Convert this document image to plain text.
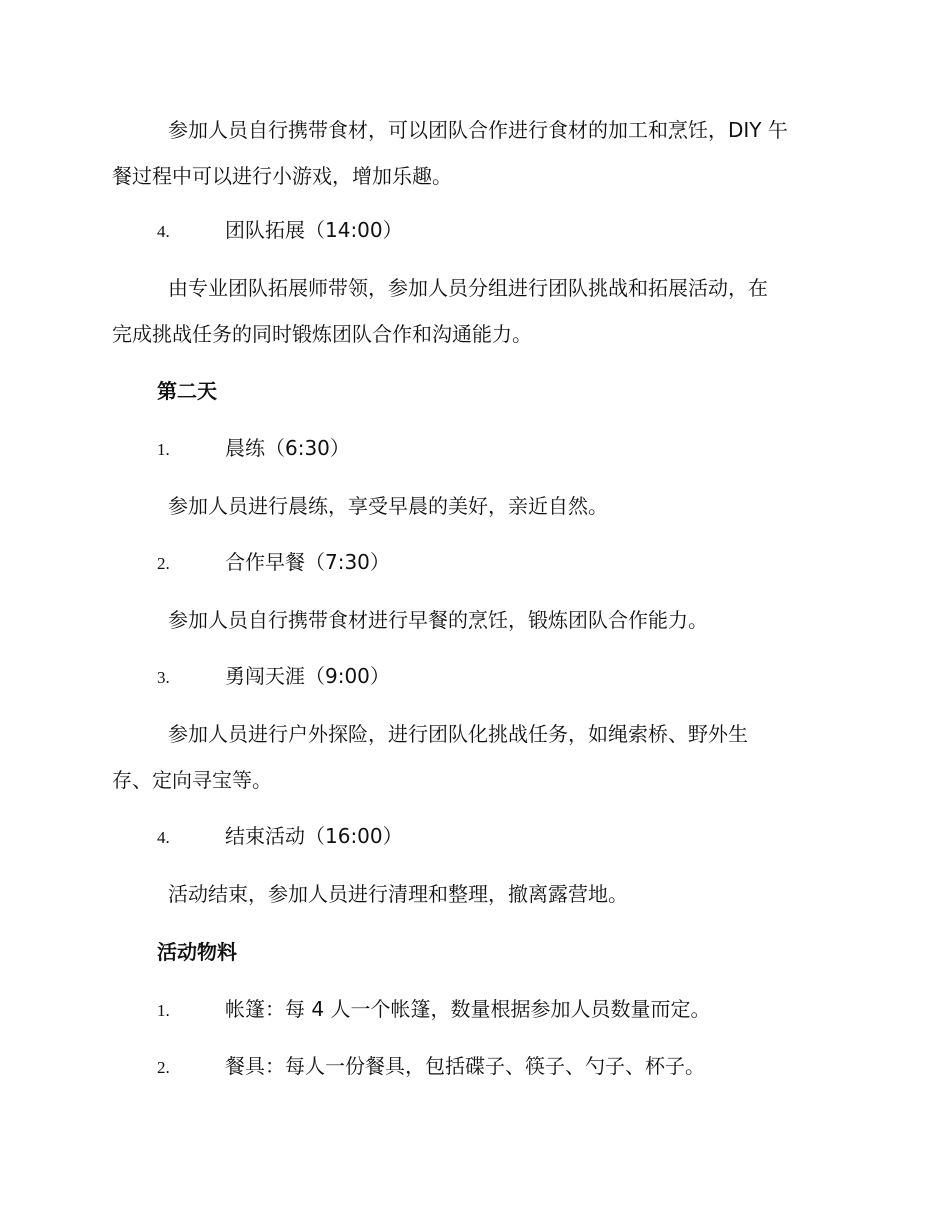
参加人员自行携带食材，可以团队合作进行食材的加工和烹饪，DIY 午
餐过程中可以进行小游戏，增加乐趣。

4.	团队拓展（14:00）

由专业团队拓展师带领，参加人员分组进行团队挑战和拓展活动，在
完成挑战任务的同时锻炼团队合作和沟通能力。

第二天
1.	晨练（6:30）

参加人员进行晨练，享受早晨的美好，亲近自然。

2.	合作早餐（7:30）

参加人员自行携带食材进行早餐的烹饪，锻炼团队合作能力。

3.	勇闯天涯（9:00）

参加人员进行户外探险，进行团队化挑战任务，如绳索桥、野外生
存、定向寻宝等。

4.	结束活动（16:00）

活动结束，参加人员进行清理和整理，撤离露营地。

活动物料
1.	帐篷：每 4 人一个帐篷，数量根据参加人员数量而定。
2.	餐具：每人一份餐具，包括碟子、筷子、勺子、杯子。
